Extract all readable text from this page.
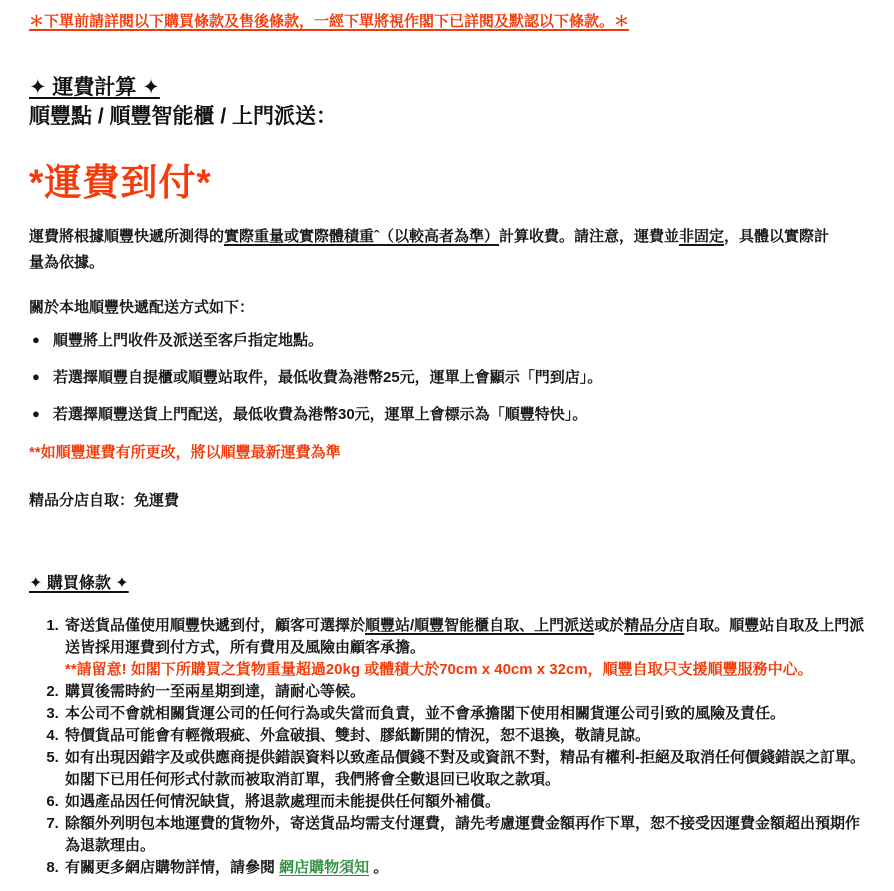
＊下單前請詳閱以下購買條款及售後條款，一經下單將視作閣下已詳閱及默認以下條款。＊

✦ 運費計算 ✦
順豐點 / 順豐智能櫃 / 上門派送：

*運費到付*

運費將根據順豐快遞所測得的實際重量或實際體積重ˆ（以較高者為準）計算收費。請注意，運費並非固定，具體以實際計量為依據。

關於本地順豐快遞配送方式如下：

● 順豐將上門收件及派送至客戶指定地點。
● 若選擇順豐自提櫃或順豐站取件，最低收費為港幣25元，運單上會顯示「門到店」。
● 若選擇順豐送貨上門配送，最低收費為港幣30元，運單上會標示為「順豐特快」。

**如順豐運費有所更改，將以順豐最新運費為準

精品分店自取：免運費

✦ 購買條款 ✦
1. 寄送貨品僅使用順豐快遞到付，顧客可選擇於順豐站/順豐智能櫃自取、上門派送或於精品分店自取。順豐站自取及上門派送皆採用運費到付方式，所有費用及風險由顧客承擔。
**請留意! 如閣下所購買之貨物重量超過20kg 或體積大於70cm x 40cm x 32cm，順豐自取只支援順豐服務中心。
2. 購買後需時約一至兩星期到達，請耐心等候。
3. 本公司不會就相關貨運公司的任何行為或失當而負責，並不會承擔閣下使用相關貨運公司引致的風險及責任。
4. 特價貨品可能會有輕微瑕疵、外盒破損、雙封、膠紙斷開的情況，恕不退換，敬請見諒。
5. 如有出現因錯字及或供應商提供錯誤資料以致產品價錢不對及或資訊不對，精品有權利-拒絕及取消任何價錢錯誤之訂單。如閣下已用任何形式付款而被取消訂單，我們將會全數退回已收取之款項。
6. 如遇產品因任何情況缺貨，將退款處理而未能提供任何額外補償。
7. 除額外列明包本地運費的貨物外，寄送貨品均需支付運費，請先考慮運費金額再作下單，恕不接受因運費金額超出預期作為退款理由。
8. 有關更多網店購物詳情，請參閱 網店購物須知 。
